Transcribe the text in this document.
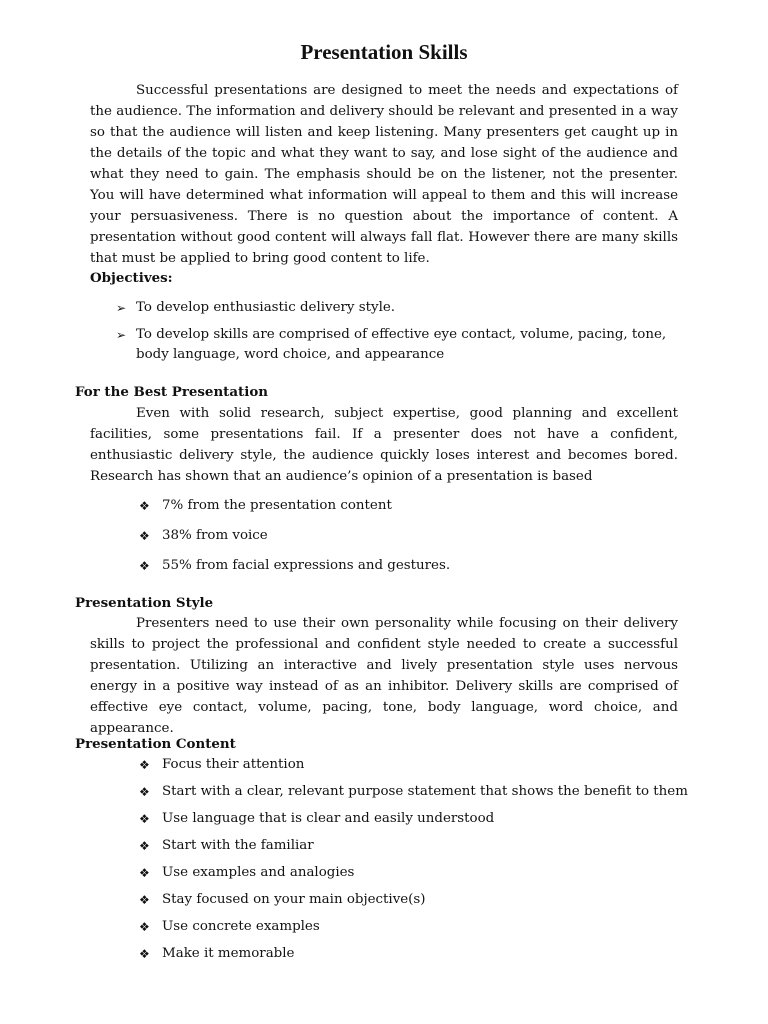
Presentation Skills
Successful presentations are designed to meet the needs and expectations of the audience. The information and delivery should be relevant and presented in a way so that the audience will listen and keep listening. Many presenters get caught up in the details of the topic and what they want to say, and lose sight of the audience and what they need to gain. The emphasis should be on the listener, not the presenter. You will have determined what information will appeal to them and this will increase your persuasiveness. There is no question about the importance of content. A presentation without good content will always fall flat. However there are many skills that must be applied to bring good content to life.
Objectives:
➢ To develop enthusiastic delivery style.
➢ To develop skills are comprised of effective eye contact, volume, pacing, tone, body language, word choice, and appearance
For the Best Presentation
Even with solid research, subject expertise, good planning and excellent facilities, some presentations fail. If a presenter does not have a confident, enthusiastic delivery style, the audience quickly loses interest and becomes bored. Research has shown that an audience’s opinion of a presentation is based
❖ 7% from the presentation content
❖ 38% from voice
❖ 55% from facial expressions and gestures.
Presentation Style
Presenters need to use their own personality while focusing on their delivery skills to project the professional and confident style needed to create a successful presentation. Utilizing an interactive and lively presentation style uses nervous energy in a positive way instead of as an inhibitor. Delivery skills are comprised of effective eye contact, volume, pacing, tone, body language, word choice, and appearance.
Presentation Content
❖ Focus their attention
❖ Start with a clear, relevant purpose statement that shows the benefit to them
❖ Use language that is clear and easily understood
❖ Start with the familiar
❖ Use examples and analogies
❖ Stay focused on your main objective(s)
❖ Use concrete examples
❖ Make it memorable
